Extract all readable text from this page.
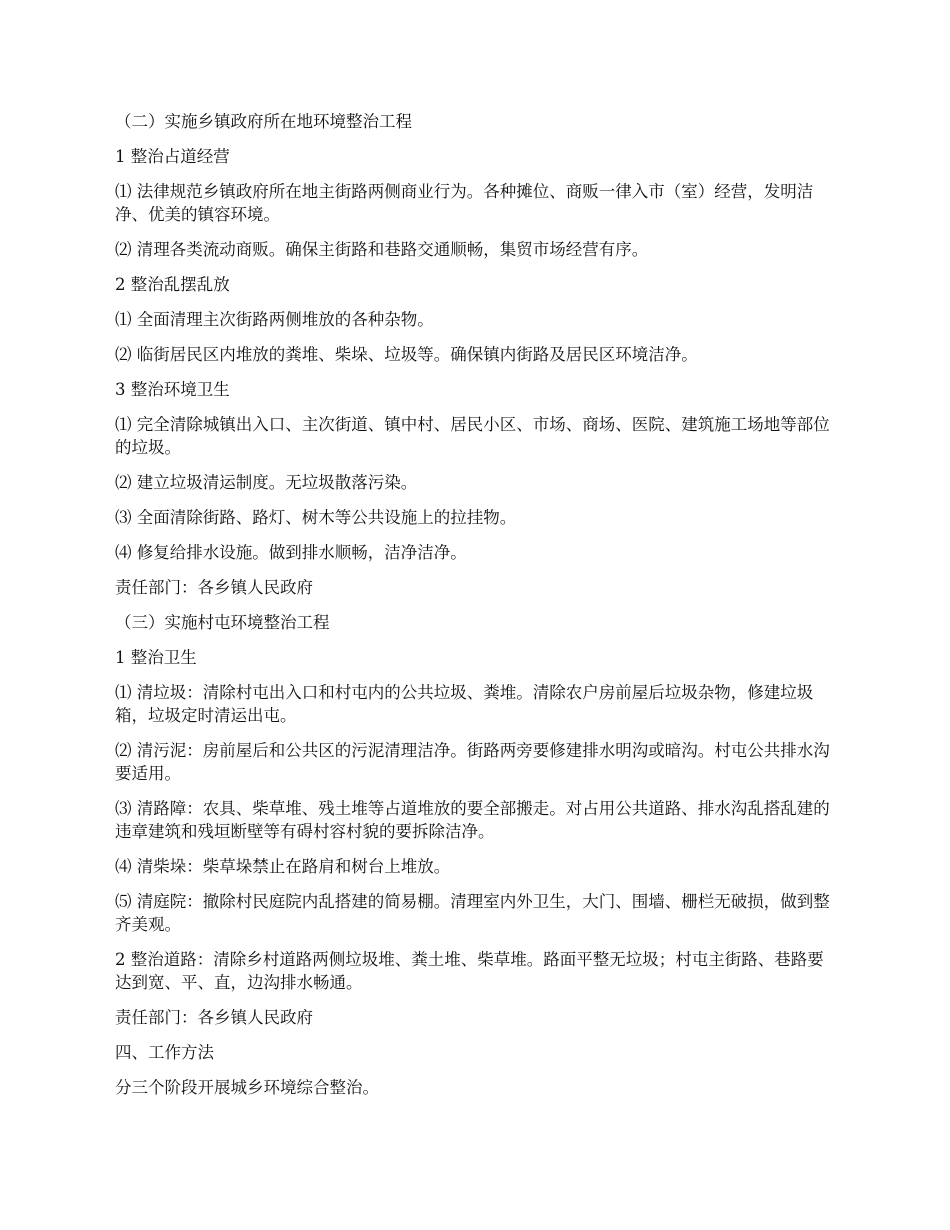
（二）实施乡镇政府所在地环境整治工程

1 整治占道经营

⑴ 法律规范乡镇政府所在地主街路两侧商业行为。各种摊位、商贩一律入市（室）经营，发明洁净、优美的镇容环境。

⑵ 清理各类流动商贩。确保主街路和巷路交通顺畅，集贸市场经营有序。

2 整治乱摆乱放

⑴ 全面清理主次街路两侧堆放的各种杂物。

⑵ 临街居民区内堆放的粪堆、柴垛、垃圾等。确保镇内街路及居民区环境洁净。

3 整治环境卫生

⑴ 完全清除城镇出入口、主次街道、镇中村、居民小区、市场、商场、医院、建筑施工场地等部位的垃圾。

⑵ 建立垃圾清运制度。无垃圾散落污染。

⑶ 全面清除街路、路灯、树木等公共设施上的拉挂物。

⑷ 修复给排水设施。做到排水顺畅，洁净洁净。

责任部门：各乡镇人民政府

（三）实施村屯环境整治工程

1 整治卫生

⑴ 清垃圾：清除村屯出入口和村屯内的公共垃圾、粪堆。清除农户房前屋后垃圾杂物，修建垃圾箱，垃圾定时清运出屯。

⑵ 清污泥：房前屋后和公共区的污泥清理洁净。街路两旁要修建排水明沟或暗沟。村屯公共排水沟要适用。

⑶ 清路障：农具、柴草堆、残土堆等占道堆放的要全部搬走。对占用公共道路、排水沟乱搭乱建的违章建筑和残垣断壁等有碍村容村貌的要拆除洁净。

⑷ 清柴垛：柴草垛禁止在路肩和树台上堆放。

⑸ 清庭院：撤除村民庭院内乱搭建的简易棚。清理室内外卫生，大门、围墙、栅栏无破损，做到整齐美观。

2 整治道路：清除乡村道路两侧垃圾堆、粪土堆、柴草堆。路面平整无垃圾；村屯主街路、巷路要达到宽、平、直，边沟排水畅通。

责任部门：各乡镇人民政府

四、工作方法

分三个阶段开展城乡环境综合整治。
